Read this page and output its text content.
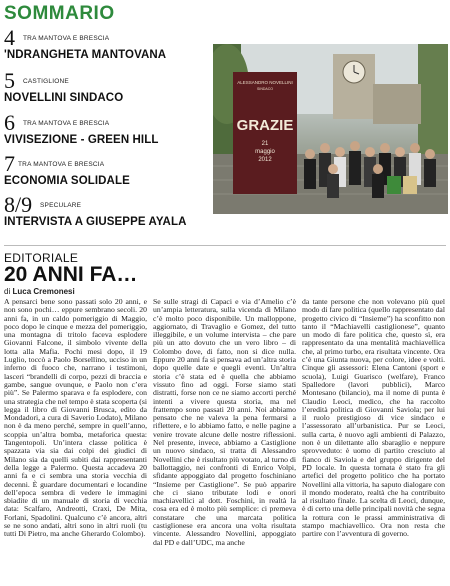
SOMMARIO
4 TRA MANTOVA E BRESCIA
'NDRANGHETA MANTOVANA
5 CASTIGLIONE
NOVELLINI SINDACO
6 TRA MANTOVA E BRESCIA
VIVISEZIONE - GREEN HILL
7 TRA MANTOVA E BRESCIA
ECONOMIA SOLIDALE
8/9 SPECULARE
INTERVISTA A GIUSEPPE AYALA
ALESSANDRO NOVELLINI
SINDACO
GRAZIE
21
maggio
2012
EDITORIALE
20 ANNI FA…
di Luca Cremonesi
A pensarci bene sono passati solo 20 anni, e non sono pochi… eppure sembrano secoli. 20 anni fa, in un caldo pomeriggio di Maggio, poco dopo le cinque e mezza del pomeriggio, una montagna di tritolo faceva esplodere Giovanni Falcone, il simbolo vivente della lotta alla Mafia. Pochi mesi dopo, il 19 Luglio, toccò a Paolo Borsellino, ucciso in un inferno di fuoco che, narrano i testimoni, lasceri “brandelli di corpo, pezzi di braccia e gambe, sangue ovunque, e Paolo non c’era più”. Se Palermo sparava e fa esplodere, con una strategia che nel tempo è stata scoperta (si legga il libro di Giovanni Brusca, edito da Mondadori, a cura di Saverio Lodato), Milano non è da meno perché, sempre in quell’anno, scoppia un’altra bomba, metaforica questa: Tangentopoli. Un’intera classe politica è spazzata via sia dai colpi dei giudici di Milano sia da quelli subiti dai rappresentanti della legge a Palermo. Questa accadeva 20 anni fa e ci sembra una storia vecchia di decenni. È guardare documentari e locandine dell’epoca sembra di vedere le immagini sbiadite di un manuale di storia di vecchia data: Scalfaro, Andreotti, Craxi, De Mita, Forlani, Spadolini. Qualcuno c’è ancora, altri se ne sono andati, altri sono in altri ruoli (tu tutti Di Pietro, ma anche Gherardo Colombo).
Se sulle stragi di Capaci e via d’Amelio c’è un’ampia letteratura, sulla vicenda di Milano c’è molto poco disponibile. Un malloppone, aggiornato, di Travaglio e Gomez, del tutto illeggibile, e un volume intervista – che pare più un atto dovuto che un vero libro – di Colombo dove, di fatto, non si dice nulla. Eppure 20 anni fa si pensava ad un’altra storia dopo quelle date e quegli eventi. Un’altra storia c’è stata ed è quella che abbiamo vissuto fino ad oggi. Forse siamo stati distratti, forse non ce ne siamo accorti perché intenti a vivere questa storia, ma nel frattempo sono passati 20 anni. Noi abbiamo pensato che ne valeva la pena fermarsi a riflettere, e lo abbiamo fatto, e nelle pagine a venire trovate alcune delle nostre riflessioni. Nel presente, invece, abbiamo a Castiglione un nuovo sindaco, si tratta di Alessandro Novellini che è risultato più votato, al turno di ballottaggio, nei confronti di Enrico Volpi, sfidante appoggiato dal progetto foschiniano “Insieme per Castiglione”. Se può apparire che ci siano tributate lodi e onori machiavellici al dott. Foschini, in realtà la cosa era ed è molto più semplice: ci premeva constatare che una marcata politica castiglionese era ancora una volta risultata vincente. Alessandro Novellini, appoggiato dal PD e dall’UDC, ma anche
da tante persone che non volevano più quel modo di fare politica (quello rappresentato dal progetto civico di “Insieme”) ha sconfitto non tanto il “Machiavelli castiglionese”, quanto un modo di fare politica che, questo sì, era rappresentato da una mentalità machiavellica che, al primo turbo, era risultata vincente. Ora c’è una Giunta nuova, per colore, idee e volti. Cinque gli assessori: Elena Cantoni (sport e scuola), Luigi Guarisco (welfare), Franco Spalledore (lavori pubblici), Marco Montesano (bilancio), ma il nome di punta è Claudio Leoci, medico, che ha raccolto l’eredità politica di Giovanni Saviola; per lui il ruolo prestigioso di vice sindaco e l’assessorato all’urbanistica. Pur se Leoci, sulla carta, è nuovo agli ambienti di Palazzo, non è un dilettante allo sbaraglio e neppure sprovveduto: è uomo di partito cresciuto al fianco di Saviola e del gruppo dirigente del PD locale. In questa tornata è stato fra gli artefici del progetto politico che ha portato Novellini alla vittoria, ha saputo dialogare con il mondo moderato, realtà che ha contribuito al risultato finale. La scelta di Leoci, dunque, è di certo una delle principali novità che segna la rottura con le prassi amministrativa di stampo machiavellico. Ora non resta che partire con l’avventura di governo.
